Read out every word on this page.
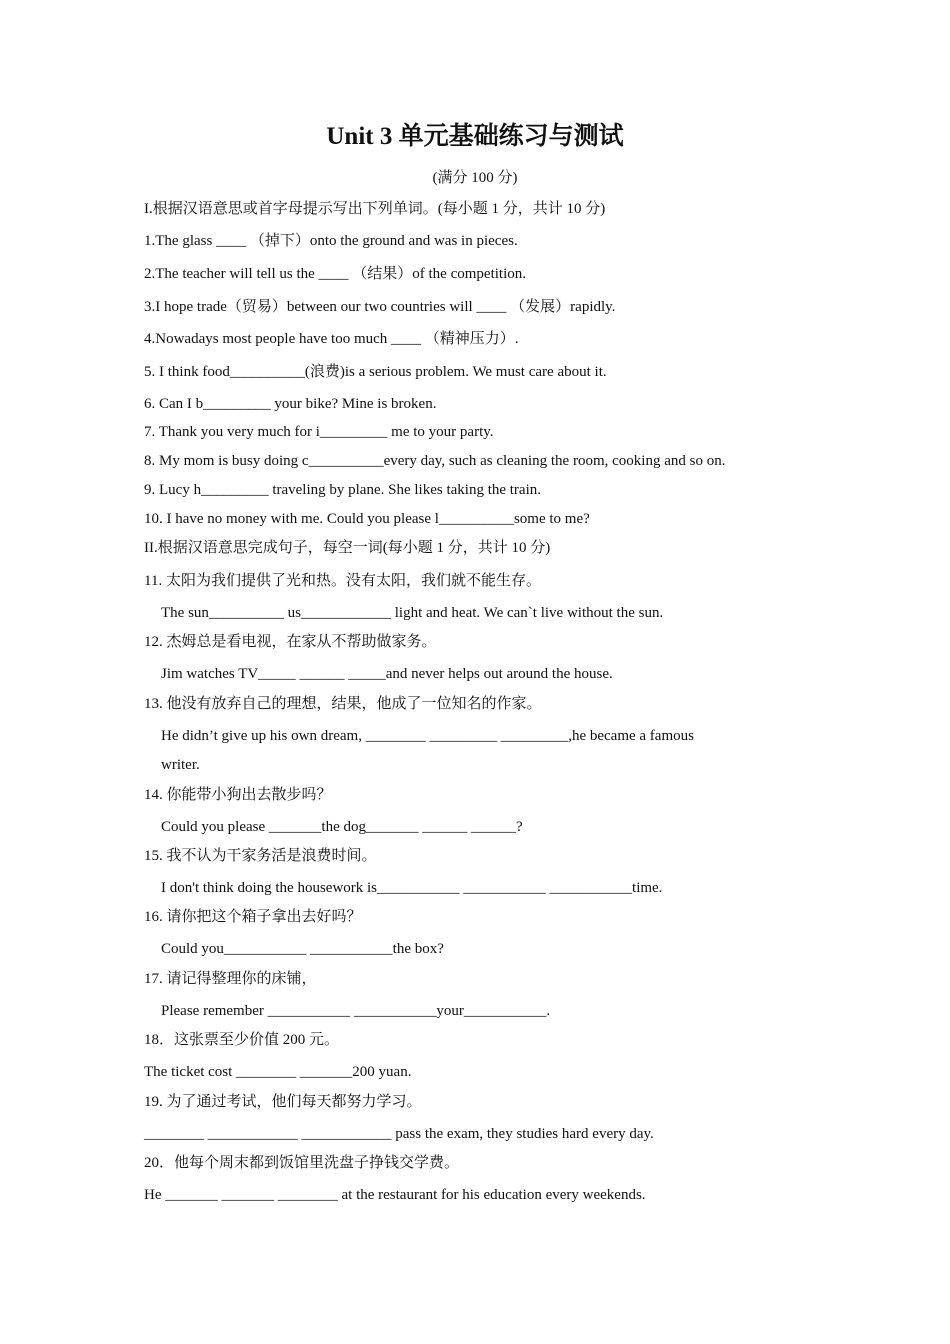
Unit 3 单元基础练习与测试
(满分 100 分)
I.根据汉语意思或首字母提示写出下列单词。(每小题 1 分，共计 10 分)
1.The glass ____ （掉下）onto the ground and was in pieces.
2.The teacher will tell us the ____ （结果）of the competition.
3.I hope trade（贸易）between our two countries will ____ （发展）rapidly.
4.Nowadays most people have too much ____ （精神压力）.
5. I think food__________(浪费)is a serious problem. We must care about it.
6. Can I b_________ your bike? Mine is broken.
7. Thank you very much for i_________ me to your party.
8. My mom is busy doing c__________every day, such as cleaning the room, cooking and so on.
9. Lucy h_________ traveling by plane. She likes taking the train.
10. I have no money with me. Could you please l__________some to me?
II.根据汉语意思完成句子，每空一词(每小题 1 分，共计 10 分)
11. 太阳为我们提供了光和热。没有太阳，我们就不能生存。
The sun__________ us____________ light and heat. We can`t live without the sun.
12. 杰姆总是看电视，在家从不帮助做家务。
Jim watches TV_____ ______ _____and never helps out around the house.
13. 他没有放弃自己的理想，结果，他成了一位知名的作家。
He didn’t give up his own dream, ________ _________ _________,he became a famous
writer.
14. 你能带小狗出去散步吗？
Could you please _______the dog_______ ______ ______?
15. 我不认为干家务活是浪费时间。
I don't think doing the housework is___________ ___________ ___________time.
16. 请你把这个箱子拿出去好吗？
Could you___________ ___________the box?
17. 请记得整理你的床铺，
Please remember ___________ ___________your___________.
18．这张票至少价值 200 元。
The ticket cost ________ _______200 yuan.
19. 为了通过考试，他们每天都努力学习。
________ ____________ ____________ pass the exam, they studies hard every day.
20．他每个周末都到饭馆里洗盘子挣钱交学费。
He _______ _______ ________ at the restaurant for his education every weekends.
